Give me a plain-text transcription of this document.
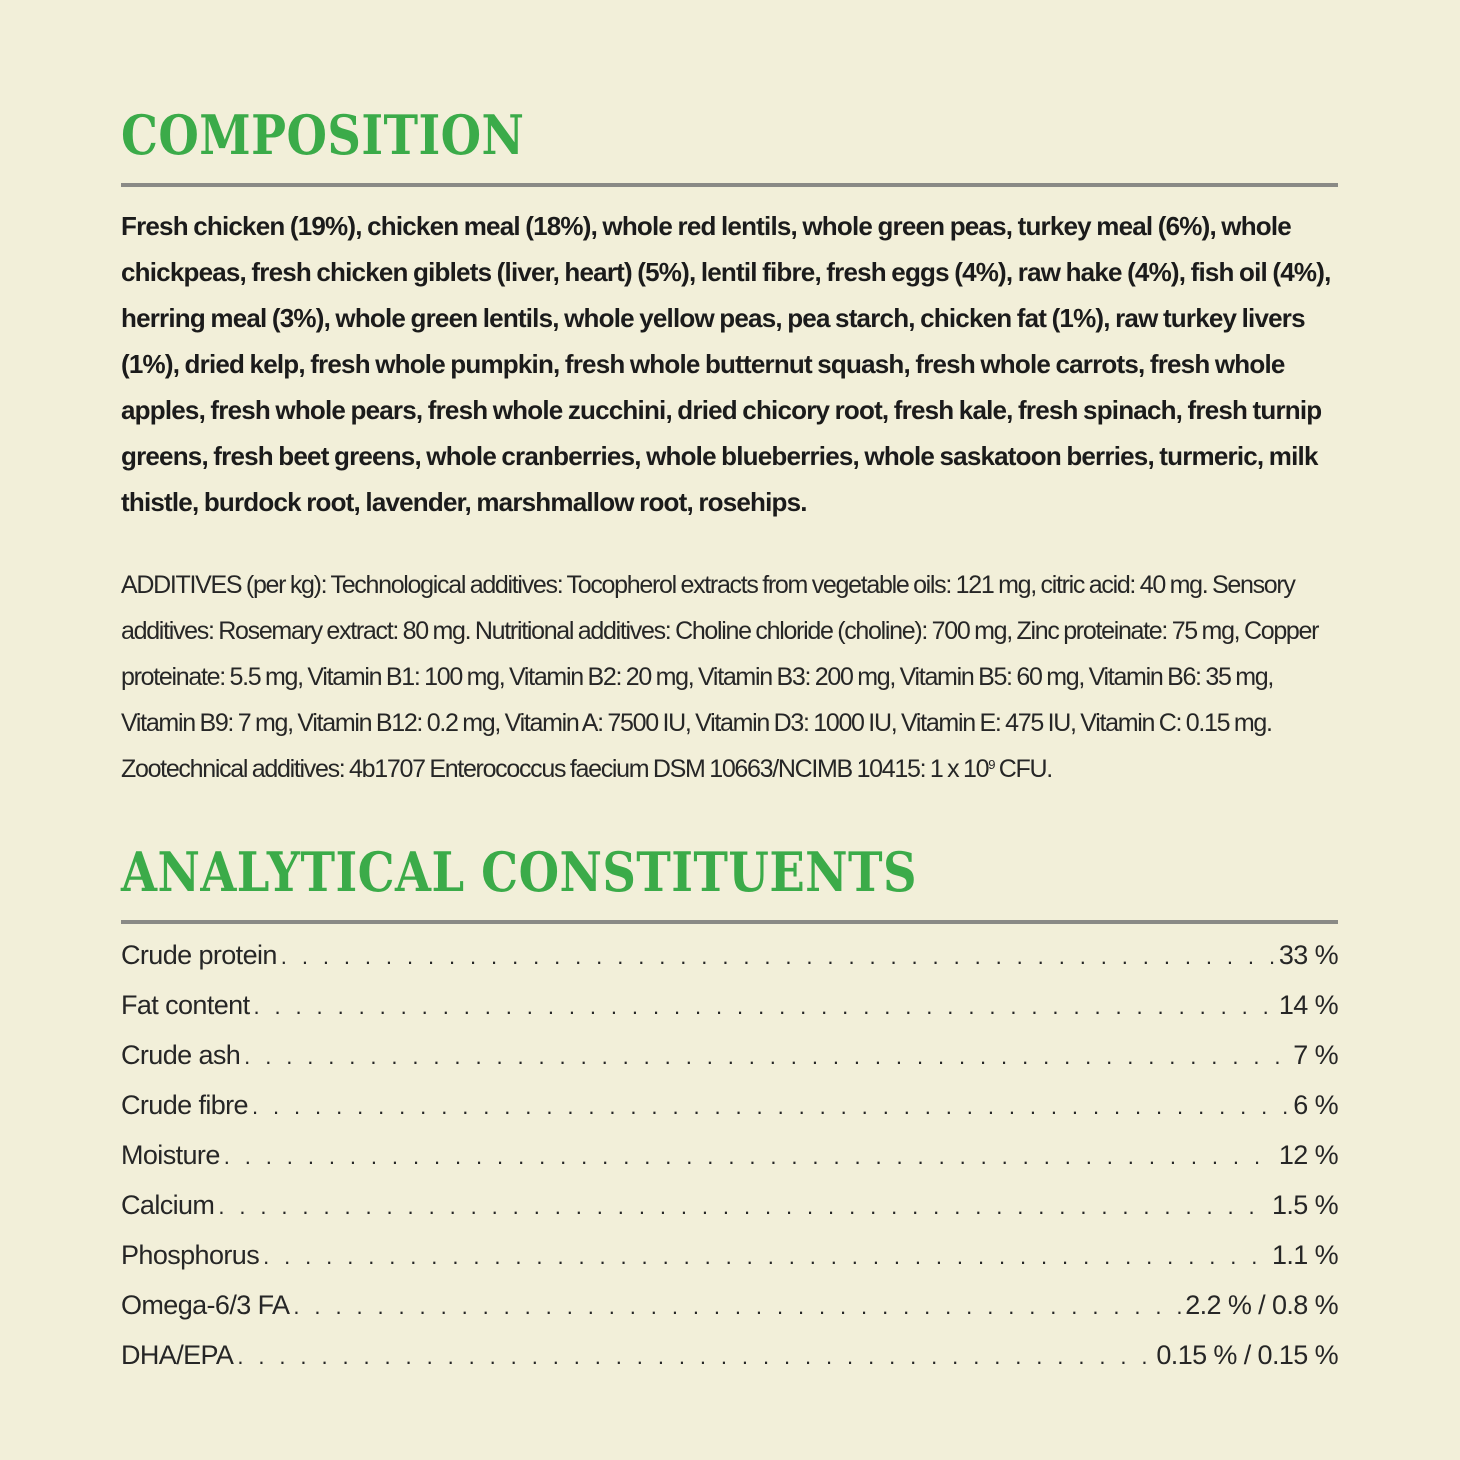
COMPOSITION

Fresh chicken (19%), chicken meal (18%), whole red lentils, whole green peas, turkey meal (6%), whole chickpeas, fresh chicken giblets (liver, heart) (5%), lentil fibre, fresh eggs (4%), raw hake (4%), fish oil (4%), herring meal (3%), whole green lentils, whole yellow peas, pea starch, chicken fat (1%), raw turkey livers (1%), dried kelp, fresh whole pumpkin, fresh whole butternut squash, fresh whole carrots, fresh whole apples, fresh whole pears, fresh whole zucchini, dried chicory root, fresh kale, fresh spinach, fresh turnip greens, fresh beet greens, whole cranberries, whole blueberries, whole saskatoon berries, turmeric, milk thistle, burdock root, lavender, marshmallow root, rosehips.

ADDITIVES (per kg): Technological additives: Tocopherol extracts from vegetable oils: 121 mg, citric acid: 40 mg. Sensory additives: Rosemary extract: 80 mg. Nutritional additives: Choline chloride (choline): 700 mg, Zinc proteinate: 75 mg, Copper proteinate: 5.5 mg, Vitamin B1: 100 mg, Vitamin B2: 20 mg, Vitamin B3: 200 mg, Vitamin B5: 60 mg, Vitamin B6: 35 mg, Vitamin B9: 7 mg, Vitamin B12: 0.2 mg, Vitamin A: 7500 IU, Vitamin D3: 1000 IU, Vitamin E: 475 IU, Vitamin C: 0.15 mg. Zootechnical additives: 4b1707 Enterococcus faecium DSM 10663/NCIMB 10415: 1 x $10^9$ CFU.

ANALYTICAL CONSTITUENTS
Crude protein . . .	33 %
Fat content . . .	14 %
Crude ash . . .	7 %
Crude fibre . . .	6 %
Moisture . . .	12 %
Calcium . . .	1.5 %
Phosphorus . . .	1.1 %
Omega-6/3 FA . . .	2.2 % / 0.8 %
DHA/EPA . . .	0.15 % / 0.15 %
